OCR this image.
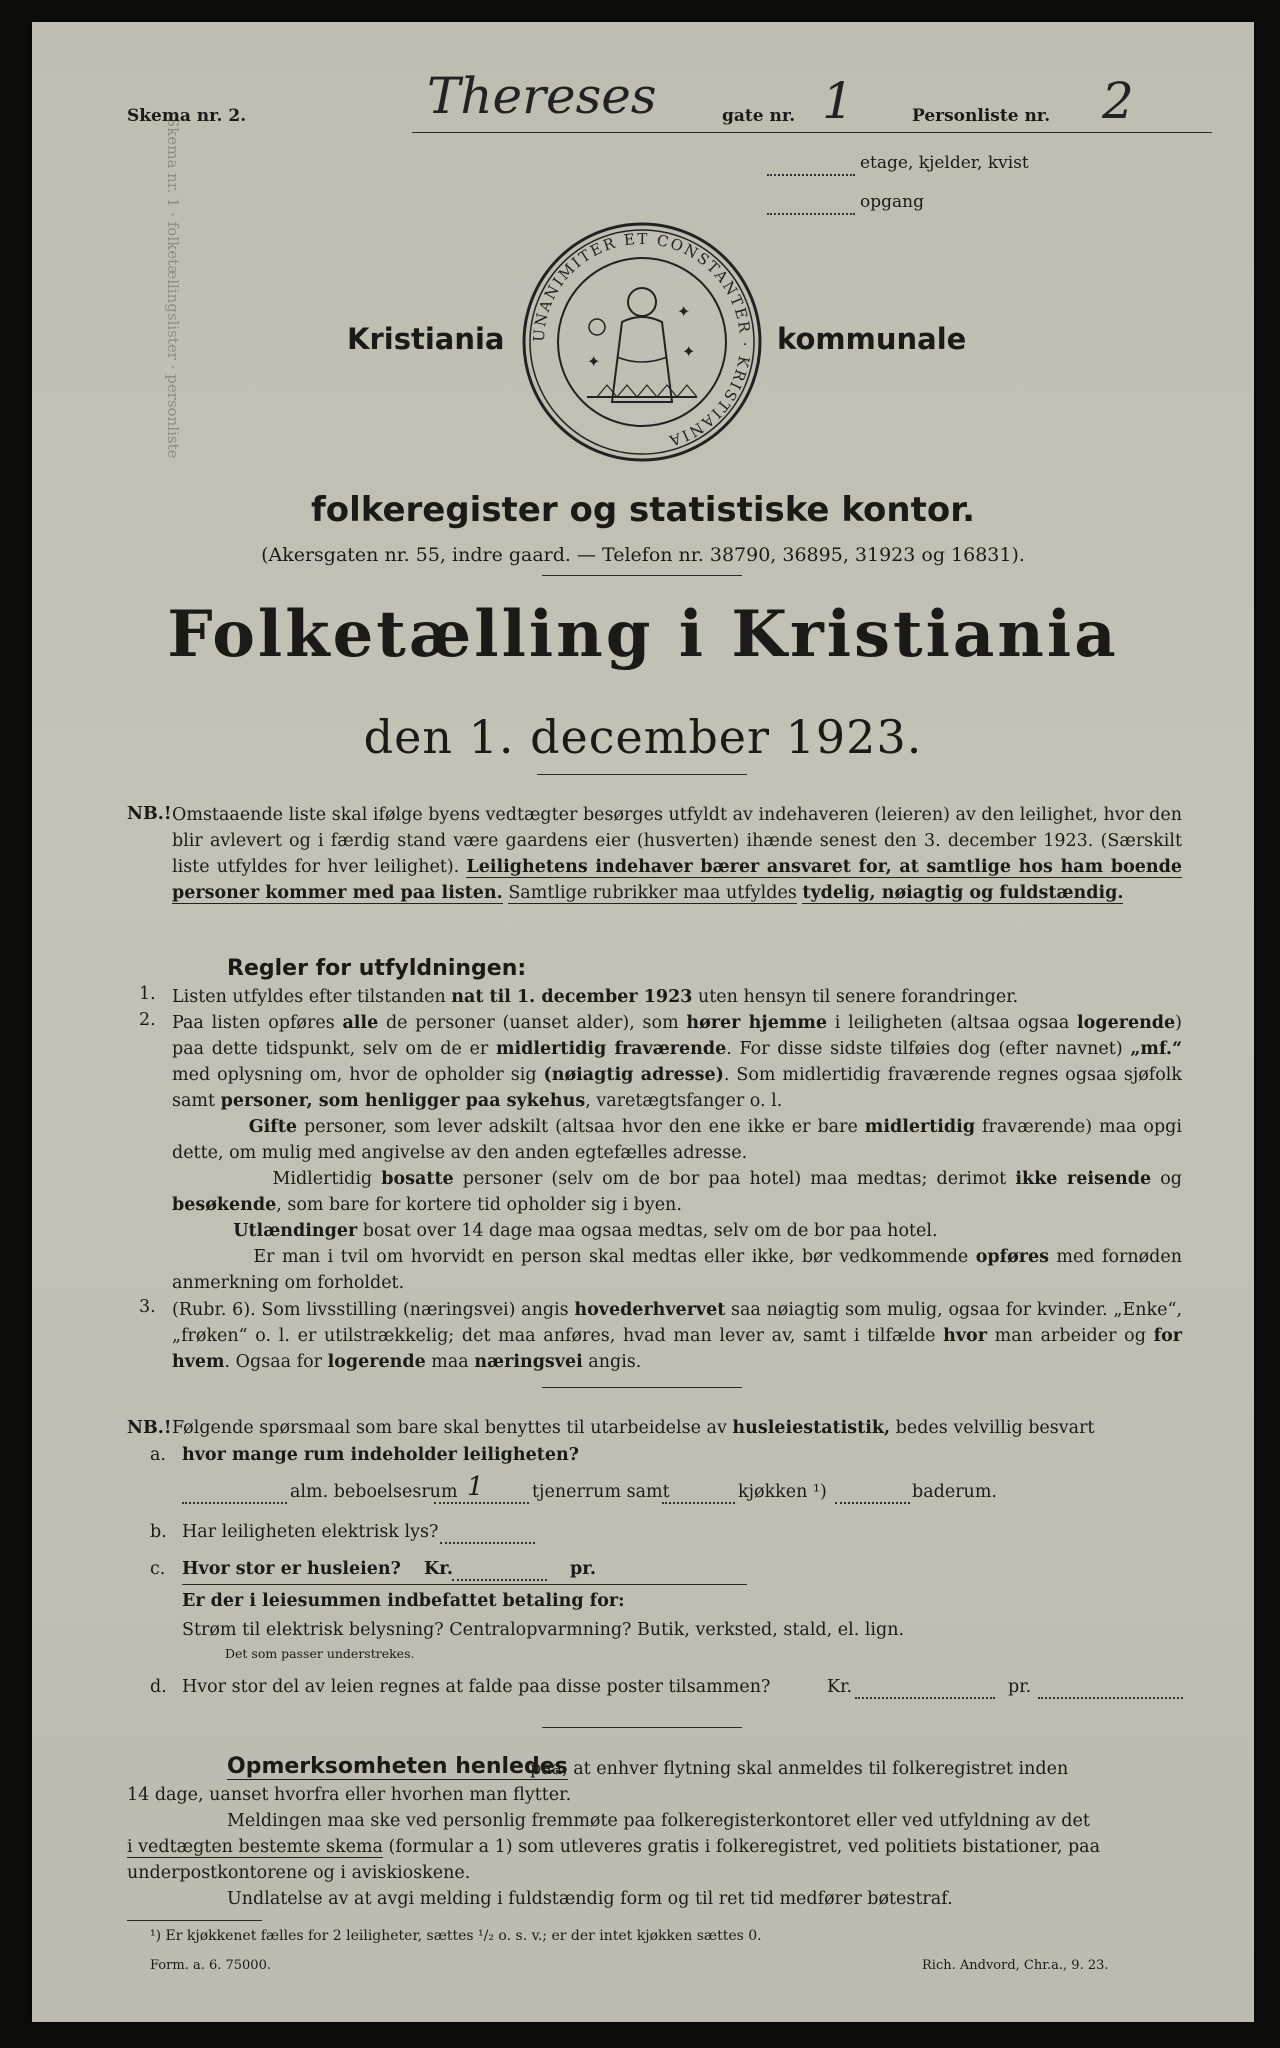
Skema nr. 1 · folketællingslister · personliste
Skema nr. 2.	Thereses	gate nr. 1	Personliste nr. 2
etage, kjelder, kvist
opgang
Kristiania	kommunale
UNANIMITER ET CONSTANTER · KRISTIANIA
✦
✦
✦
folkeregister og statistiske kontor.
(Akersgaten nr. 55, indre gaard. — Telefon nr. 38790, 36895, 31923 og 16831).
Folketælling i Kristiania
den 1. december 1923.
NB.! Omstaaende liste skal ifølge byens vedtægter besørges utfyldt av indehaveren (leieren) av den leilighet, hvor den blir avlevert og i færdig stand være gaardens eier (husverten) ihænde senest den 3. december 1923. (Særskilt liste utfyldes for hver leilighet). Leilighetens indehaver bærer ansvaret for, at samtlige hos ham boende personer kommer med paa listen. Samtlige rubrikker maa utfyldes tydelig, nøiagtig og fuldstændig.
Regler for utfyldningen:
1. Listen utfyldes efter tilstanden nat til 1. december 1923 uten hensyn til senere forandringer.
2. Paa listen opføres alle de personer (uanset alder), som hører hjemme i leiligheten (altsaa ogsaa logerende) paa dette tidspunkt, selv om de er midlertidig fraværende. For disse sidste tilføies dog (efter navnet) „mf.“ med oplysning om, hvor de opholder sig (nøiagtig adresse). Som midlertidig fraværende regnes ogsaa sjøfolk samt personer, som henligger paa sykehus, varetægtsfanger o. l.
Gifte personer, som lever adskilt (altsaa hvor den ene ikke er bare midlertidig fraværende) maa opgi dette, om mulig med angivelse av den anden egtefælles adresse.
Midlertidig bosatte personer (selv om de bor paa hotel) maa medtas; derimot ikke reisende og besøkende, som bare for kortere tid opholder sig i byen.
Utlændinger bosat over 14 dage maa ogsaa medtas, selv om de bor paa hotel.
Er man i tvil om hvorvidt en person skal medtas eller ikke, bør vedkommende opføres med fornøden anmerkning om forholdet.
3. (Rubr. 6). Som livsstilling (næringsvei) angis hovederhvervet saa nøiagtig som mulig, ogsaa for kvinder. „Enke“, „frøken“ o. l. er utilstrækkelig; det maa anføres, hvad man lever av, samt i tilfælde hvor man arbeider og for hvem. Ogsaa for logerende maa næringsvei angis.
NB.! Følgende spørsmaal som bare skal benyttes til utarbeidelse av husleiestatistik, bedes velvillig besvart
a. hvor mange rum indeholder leiligheten?
alm. beboelsesrum 1	tjenerrum samt	kjøkken ¹)	baderum.
b. Har leiligheten elektrisk lys?
c. Hvor stor er husleien? Kr.	pr.
Er der i leiesummen indbefattet betaling for:
Strøm til elektrisk belysning? Centralopvarmning? Butik, verksted, stald, el. lign.
Det som passer understrekes.
d. Hvor stor del av leien regnes at falde paa disse poster tilsammen?	Kr.	pr.
Opmerksomheten henledes
paa, at enhver flytning skal anmeldes til folkeregistret inden
14 dage, uanset hvorfra eller hvorhen man flytter.
Meldingen maa ske ved personlig fremmøte paa folkeregisterkontoret eller ved utfyldning av det
i vedtægten bestemte skema (formular a 1) som utleveres gratis i folkeregistret, ved politiets bistationer, paa
underpostkontorene og i aviskioskene.
Undlatelse av at avgi melding i fuldstændig form og til ret tid medfører bøtestraf.
¹) Er kjøkkenet fælles for 2 leiligheter, sættes ¹/₂ o. s. v.; er der intet kjøkken sættes 0.
Form. a. 6. 75000.	Rich. Andvord, Chr.a., 9. 23.
